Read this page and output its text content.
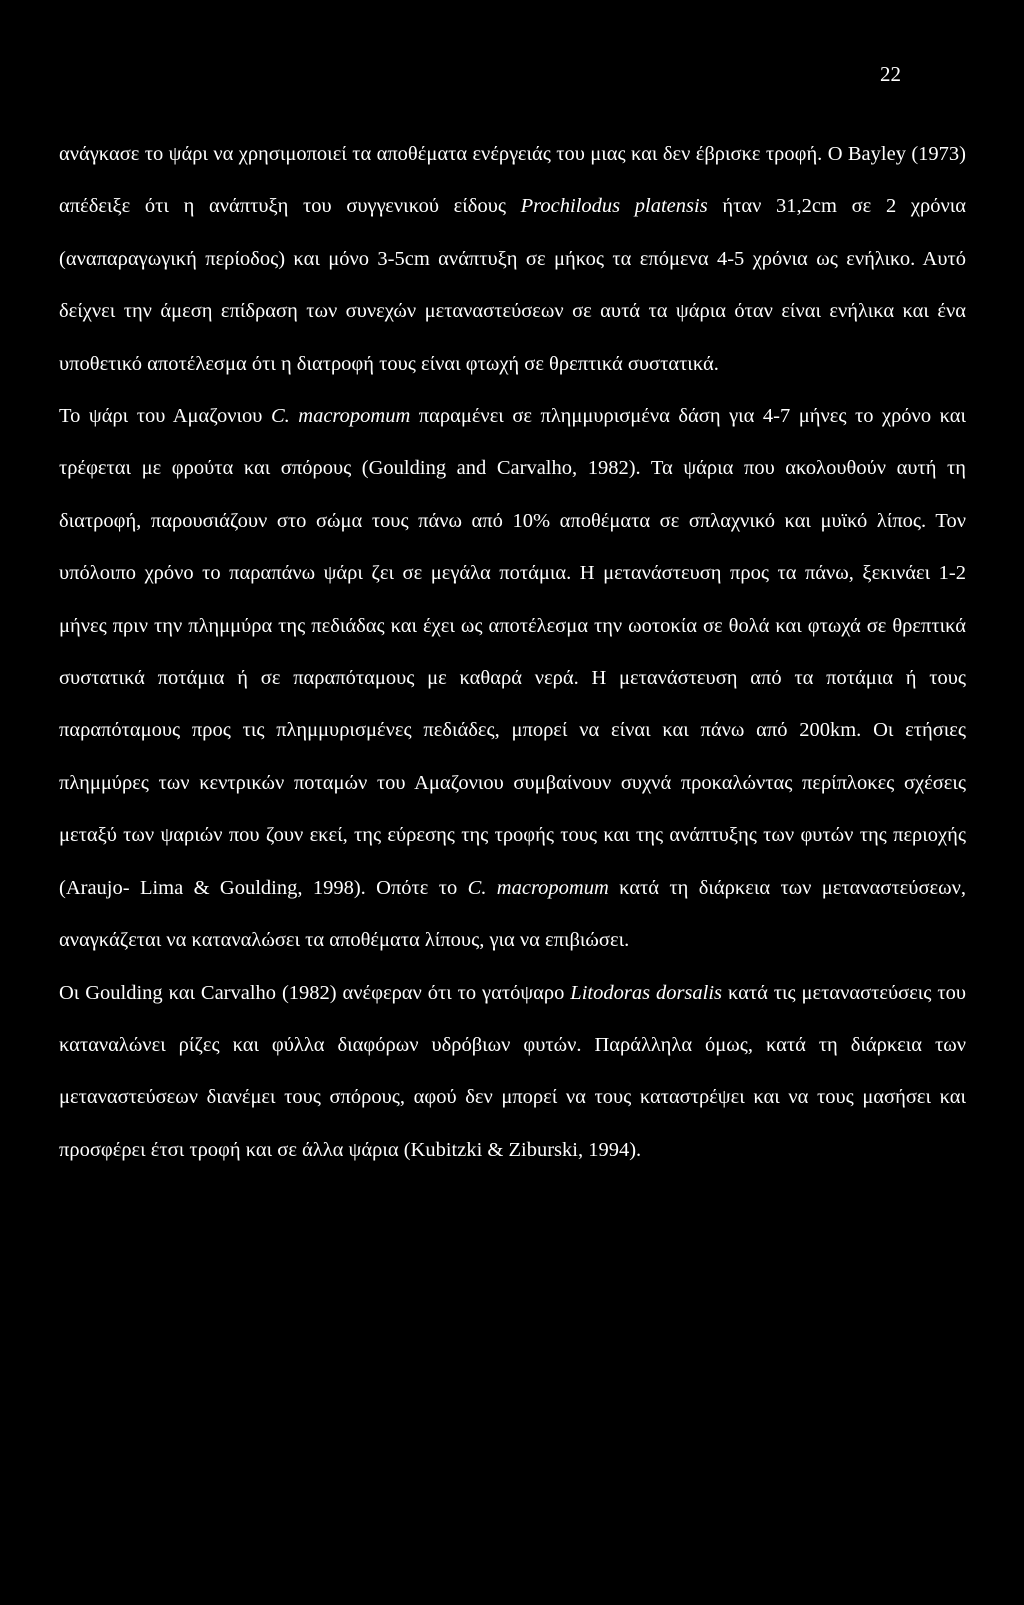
22

ανάγκασε το ψάρι να χρησιμοποιεί τα αποθέματα ενέργειάς του μιας και δεν έβρισκε τροφή. Ο Bayley (1973) απέδειξε ότι η ανάπτυξη του συγγενικού είδους Prochilodus platensis ήταν 31,2cm σε 2 χρόνια (αναπαραγωγική περίοδος) και μόνο 3-5cm ανάπτυξη σε μήκος τα επόμενα 4-5 χρόνια ως ενήλικο. Αυτό δείχνει την άμεση επίδραση των συνεχών μεταναστεύσεων σε αυτά τα ψάρια όταν είναι ενήλικα και ένα υποθετικό αποτέλεσμα ότι η διατροφή τους είναι φτωχή σε θρεπτικά συστατικά.

Το ψάρι του Αμαζονιου C. macropomum παραμένει σε πλημμυρισμένα δάση για 4-7 μήνες το χρόνο και τρέφεται με φρούτα και σπόρους (Goulding and Carvalho, 1982). Τα ψάρια που ακολουθούν αυτή τη διατροφή, παρουσιάζουν στο σώμα τους πάνω από 10% αποθέματα σε σπλαχνικό και μυϊκό λίπος. Τον υπόλοιπο χρόνο το παραπάνω ψάρι ζει σε μεγάλα ποτάμια. Η μετανάστευση προς τα πάνω, ξεκινάει 1-2 μήνες πριν την πλημμύρα της πεδιάδας και έχει ως αποτέλεσμα την ωοτοκία σε θολά και φτωχά σε θρεπτικά συστατικά ποτάμια ή σε παραπόταμους με καθαρά νερά. Η μετανάστευση από τα ποτάμια ή τους παραπόταμους προς τις πλημμυρισμένες πεδιάδες, μπορεί να είναι και πάνω από 200km. Οι ετήσιες πλημμύρες των κεντρικών ποταμών του Αμαζονιου συμβαίνουν συχνά προκαλώντας περίπλοκες σχέσεις μεταξύ των ψαριών που ζουν εκεί, της εύρεσης της τροφής τους και της ανάπτυξης των φυτών της περιοχής (Araujo- Lima & Goulding, 1998). Οπότε το C. macropomum κατά τη διάρκεια των μεταναστεύσεων, αναγκάζεται να καταναλώσει τα αποθέματα λίπους, για να επιβιώσει.

Οι Goulding και Carvalho (1982) ανέφεραν ότι το γατόψαρο Litodoras dorsalis κατά τις μεταναστεύσεις του καταναλώνει ρίζες και φύλλα διαφόρων υδρόβιων φυτών. Παράλληλα όμως, κατά τη διάρκεια των μεταναστεύσεων διανέμει τους σπόρους, αφού δεν μπορεί να τους καταστρέψει και να τους μασήσει και προσφέρει έτσι τροφή και σε άλλα ψάρια (Kubitzki & Ziburski, 1994).
